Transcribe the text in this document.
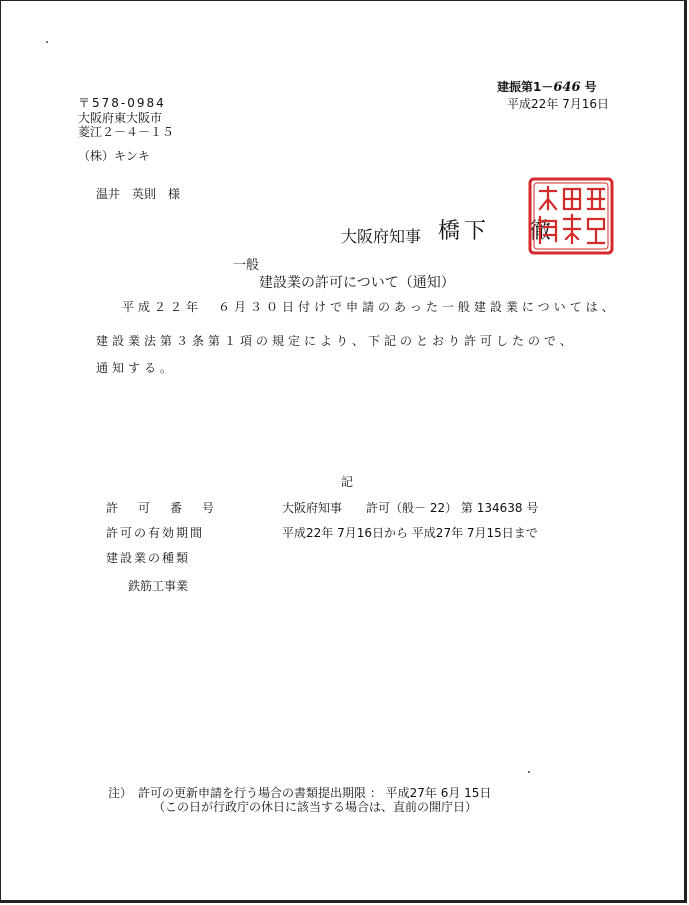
建振第1－646 号
平成22年 7月16日
〒578-0984
大阪府東大阪市
菱江２－４－１５
（株）キンキ
温井　英則　様
大阪府知事 橋下 徹
一般
建設業の許可について（通知）
平成２２年　６月３０日付けで申請のあった一般建設業については、
建設業法第３条第１項の規定により、下記のとおり許可したので、
通知する。
記
許可番号	大阪府知事　　許可（般－ 22） 第 134638 号
許可の有効期間	平成22年 7月16日から 平成27年 7月15日まで
建設業の種類
鉄筋工事業
注）　許可の更新申請を行う場合の書類提出期限 ： 平成27年 6月 15日
（この日が行政庁の休日に該当する場合は、直前の開庁日）
